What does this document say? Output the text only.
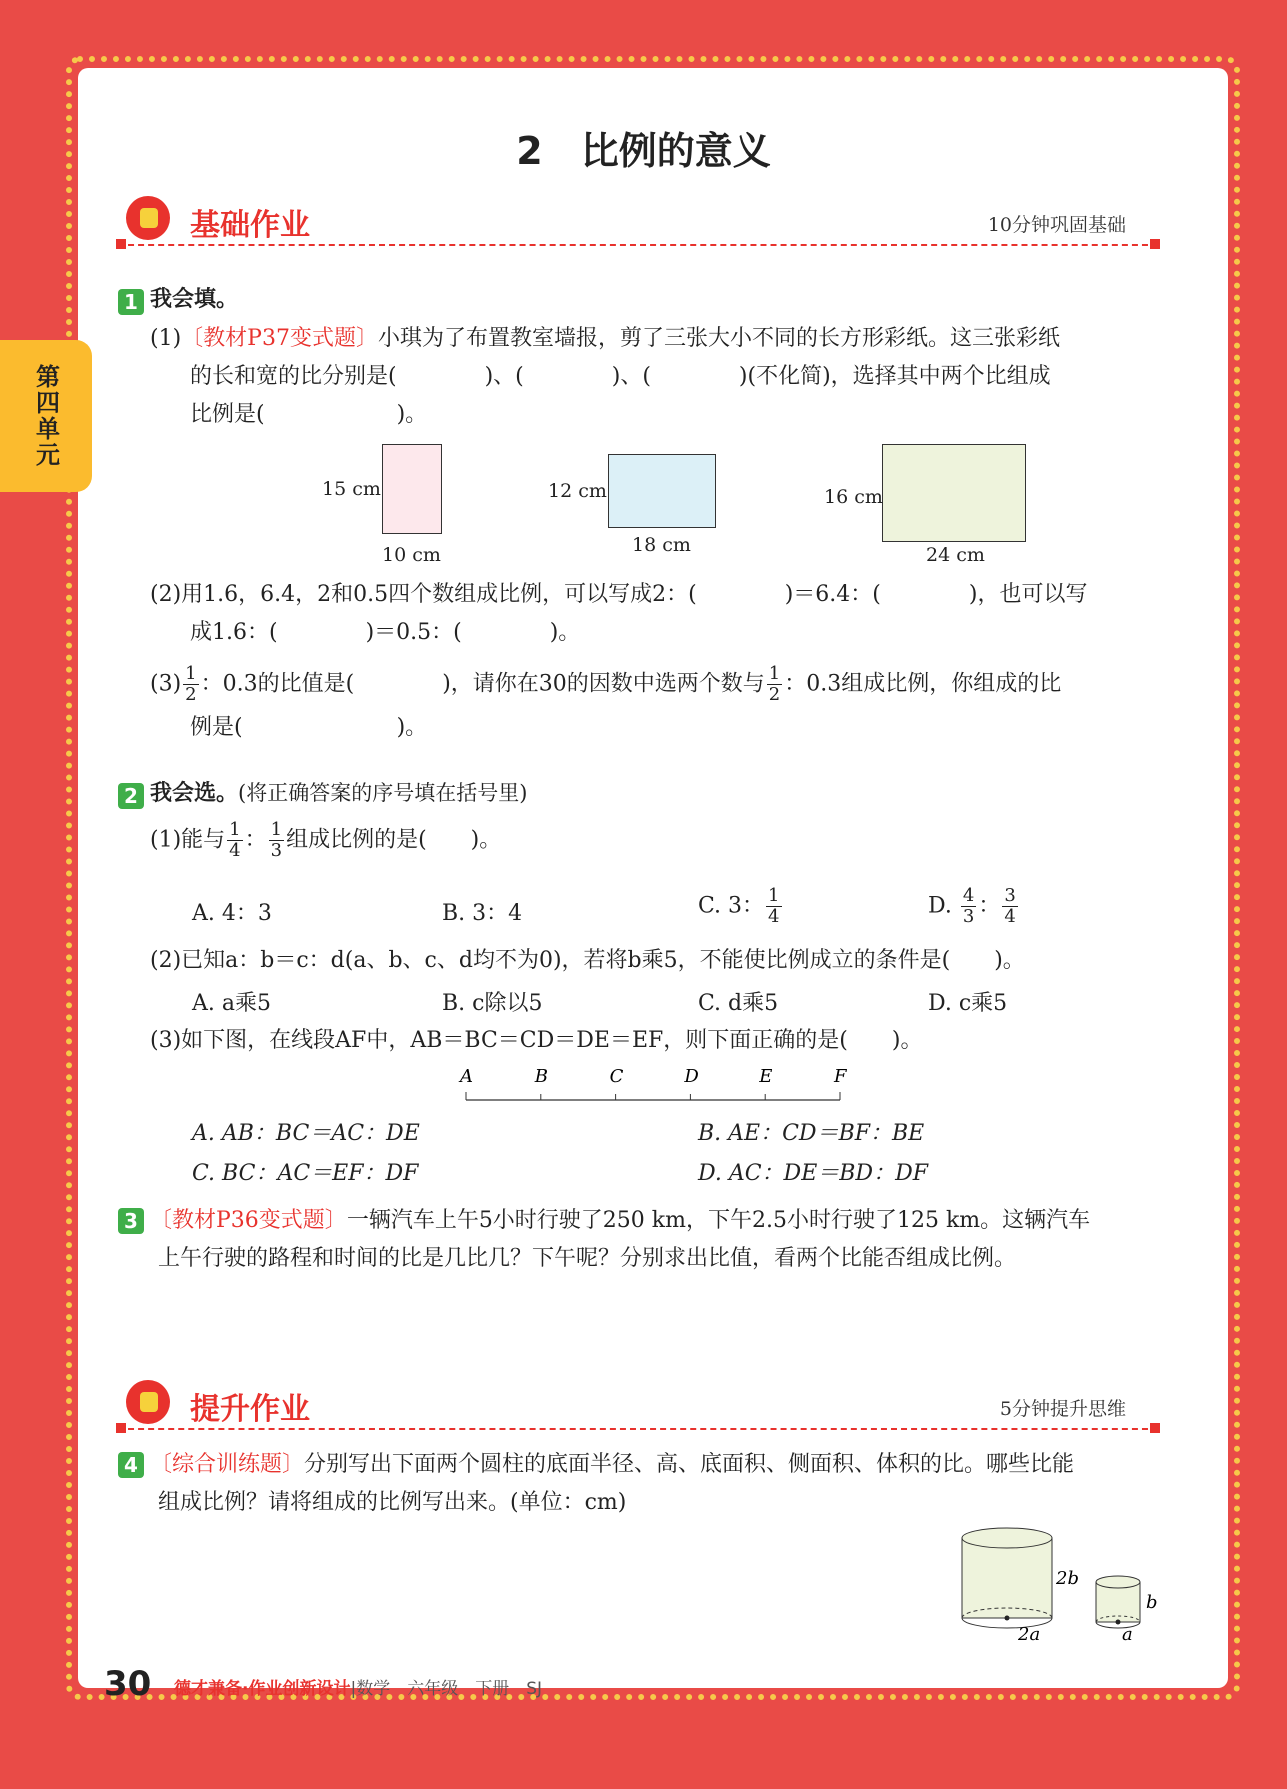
第四单元
2　比例的意义
基础作业	10分钟巩固基础
1 我会填。
(1)〔教材P37变式题〕小琪为了布置教室墙报，剪了三张大小不同的长方形彩纸。这三张彩纸
的长和宽的比分别是(　　　　)、(　　　　)、(　　　　)(不化简)，选择其中两个比组成
比例是(　　　　　　)。
15 cm
10 cm
12 cm
18 cm
16 cm
24 cm
(2)用1.6，6.4，2和0.5四个数组成比例，可以写成2：(　　　　)＝6.4：(　　　　)，也可以写
成1.6：(　　　　)＝0.5：(　　　　)。
$(3) \frac{1}{2}$ ：0.3的比值是(　　　　)，请你在30的因数中选两个数与 $\frac{1}{2}$ ：0.3组成比例，你组成的比
例是(　　　　　　　)。
2 我会选。(将正确答案的序号填在括号里)
(1)能与 $\frac{1}{4}$ ： $\frac{1}{3}$ 组成比例的是(　　)。
A. 4：3	B. 3：4	C. 3： $\frac{1}{4}$	D. $\frac{4}{3}$ ： $\frac{3}{4}$
(2)已知a：b＝c：d(a、b、c、d均不为0)，若将b乘5，不能使比例成立的条件是(　　)。
A. a乘5	B. c除以5	C. d乘5	D. c乘5
(3)如下图，在线段AF中，AB＝BC＝CD＝DE＝EF，则下面正确的是(　　)。
A	B	C	D	E	F
A. AB：BC＝AC：DE	B. AE：CD＝BF：BE
C. BC：AC＝EF：DF	D. AC：DE＝BD：DF
3 〔教材P36变式题〕一辆汽车上午5小时行驶了250 km，下午2.5小时行驶了125 km。这辆汽车
上午行驶的路程和时间的比是几比几？下午呢？分别求出比值，看两个比能否组成比例。
提升作业	5分钟提升思维
4 〔综合训练题〕分别写出下面两个圆柱的底面半径、高、底面积、侧面积、体积的比。哪些比能
组成比例？请将组成的比例写出来。(单位：cm)
2b
2a
b
a
30 德才兼备·作业创新设计|数学　六年级　下册　SJ
